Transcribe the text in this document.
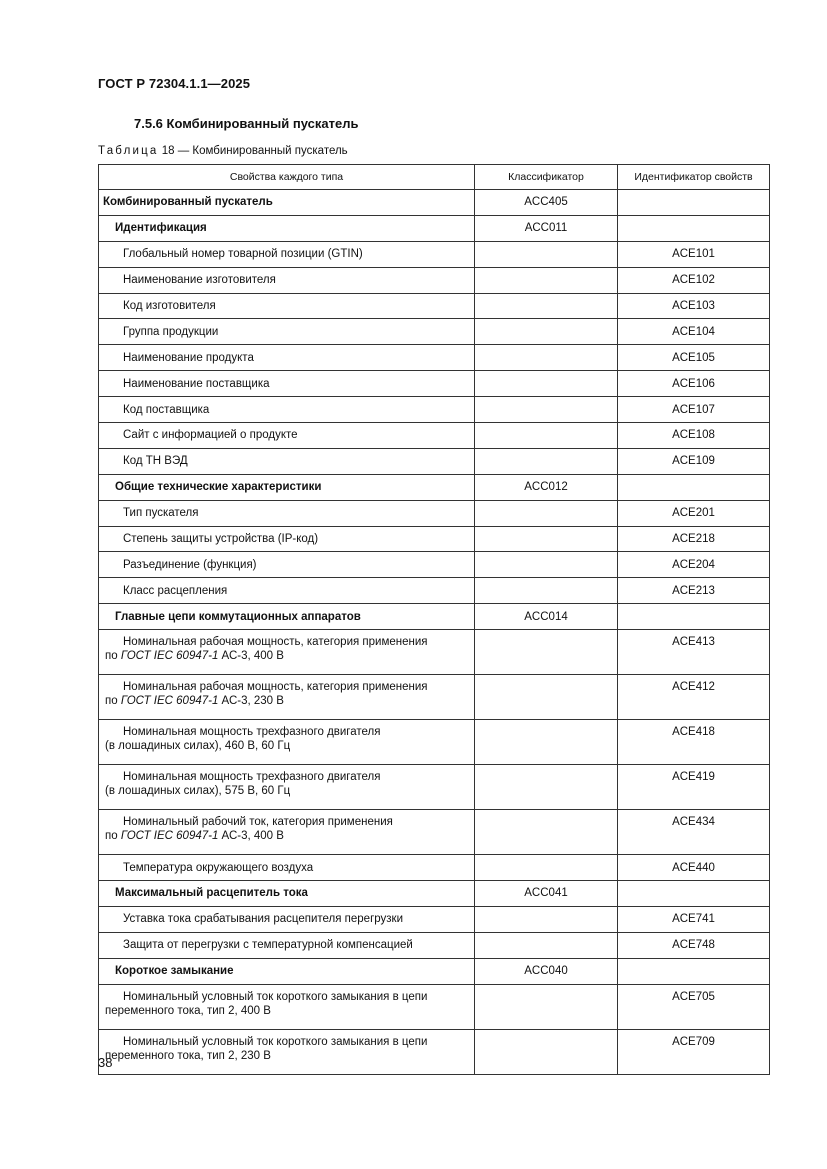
ГОСТ Р 72304.1.1—2025
7.5.6 Комбинированный пускатель
Таблица 18 — Комбинированный пускатель
Свойства каждого типа	Классификатор	Идентификатор свойств
Комбинированный пускатель	ACC405	
Идентификация	ACC011	
Глобальный номер товарной позиции (GTIN)		ACE101
Наименование изготовителя		ACE102
Код изготовителя		ACE103
Группа продукции		ACE104
Наименование продукта		ACE105
Наименование поставщика		ACE106
Код поставщика		ACE107
Сайт с информацией о продукте		ACE108
Код ТН ВЭД		ACE109
Общие технические характеристики	ACC012	
Тип пускателя		ACE201
Степень защиты устройства (IP-код)		ACE218
Разъединение (функция)		ACE204
Класс расцепления		ACE213
Главные цепи коммутационных аппаратов	ACC014	
Номинальная рабочая мощность, категория применения
по ГОСТ IEC 60947-1 АС-3, 400 В		ACE413
Номинальная рабочая мощность, категория применения
по ГОСТ IEC 60947-1 АС-3, 230 В		ACE412
Номинальная мощность трехфазного двигателя
(в лошадиных силах), 460 В, 60 Гц		ACE418
Номинальная мощность трехфазного двигателя
(в лошадиных силах), 575 В, 60 Гц		ACE419
Номинальный рабочий ток, категория применения
по ГОСТ IEC 60947-1 АС-3, 400 В		ACE434
Температура окружающего воздуха		ACE440
Максимальный расцепитель тока	ACC041	
Уставка тока срабатывания расцепителя перегрузки		ACE741
Защита от перегрузки с температурной компенсацией		ACE748
Короткое замыкание	ACC040	
Номинальный условный ток короткого замыкания в цепи
переменного тока, тип 2, 400 В		ACE705
Номинальный условный ток короткого замыкания в цепи
переменного тока, тип 2, 230 В		ACE709
38
